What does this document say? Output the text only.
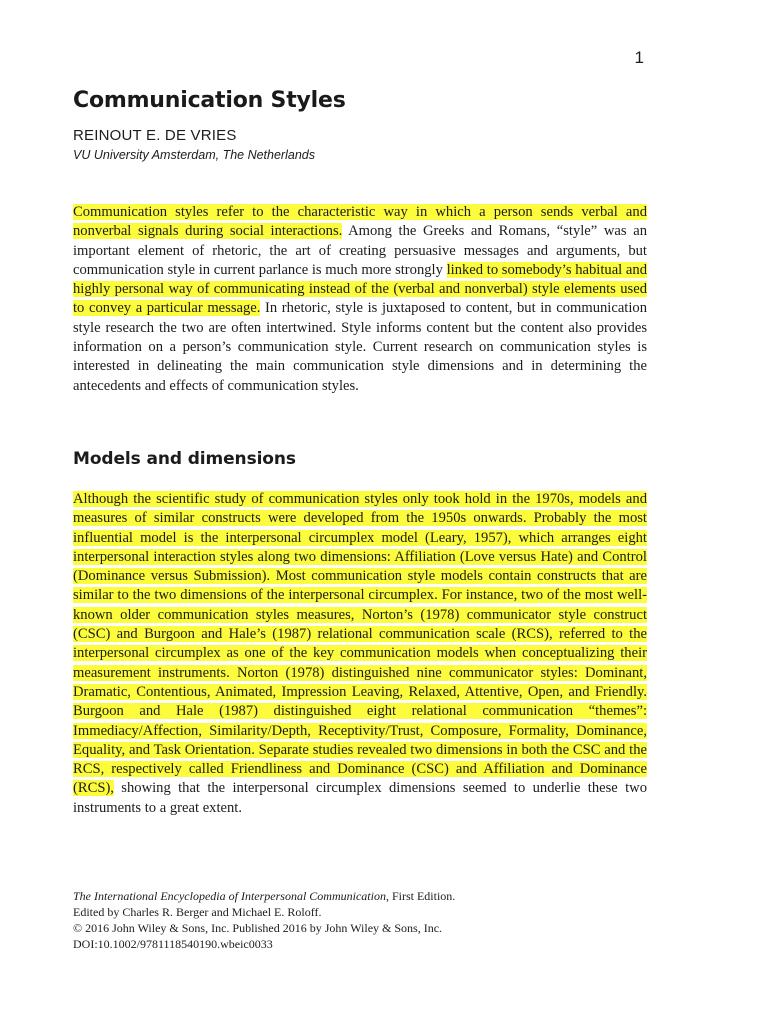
1
Communication Styles
REINOUT E. DE VRIES
VU University Amsterdam, The Netherlands

Communication styles refer to the characteristic way in which a person sends verbal and nonverbal signals during social interactions. Among the Greeks and Romans, “style” was an important element of rhetoric, the art of creating persuasive messages and arguments, but communication style in current parlance is much more strongly linked to somebody’s habitual and highly personal way of communicating instead of the (verbal and nonverbal) style elements used to convey a particular message. In rhetoric, style is juxtaposed to content, but in communication style research the two are often intertwined. Style informs content but the content also provides information on a person’s communication style. Current research on communication styles is interested in delineating the main communication style dimensions and in determining the antecedents and effects of communication styles.

Models and dimensions

Although the scientific study of communication styles only took hold in the 1970s, models and measures of similar constructs were developed from the 1950s onwards. Probably the most influential model is the interpersonal circumplex model (Leary, 1957), which arranges eight interpersonal interaction styles along two dimensions: Affiliation (Love versus Hate) and Control (Dominance versus Submission). Most communication style models contain constructs that are similar to the two dimensions of the interpersonal circumplex. For instance, two of the most well-known older communication styles measures, Norton’s (1978) communicator style construct (CSC) and Burgoon and Hale’s (1987) relational communication scale (RCS), referred to the interpersonal circumplex as one of the key communication models when conceptualizing their measurement instruments. Norton (1978) distinguished nine communicator styles: Dominant, Dramatic, Contentious, Animated, Impression Leaving, Relaxed, Attentive, Open, and Friendly. Burgoon and Hale (1987) distinguished eight relational communication “themes”: Immediacy/Affection, Similarity/Depth, Receptivity/Trust, Composure, Formality, Dominance, Equality, and Task Orientation. Separate studies revealed two dimensions in both the CSC and the RCS, respectively called Friendliness and Dominance (CSC) and Affiliation and Dominance (RCS), showing that the interpersonal circumplex dimensions seemed to underlie these two instruments to a great extent.

The International Encyclopedia of Interpersonal Communication, First Edition.
Edited by Charles R. Berger and Michael E. Roloff.
© 2016 John Wiley & Sons, Inc. Published 2016 by John Wiley & Sons, Inc.
DOI:10.1002/9781118540190.wbeic0033
